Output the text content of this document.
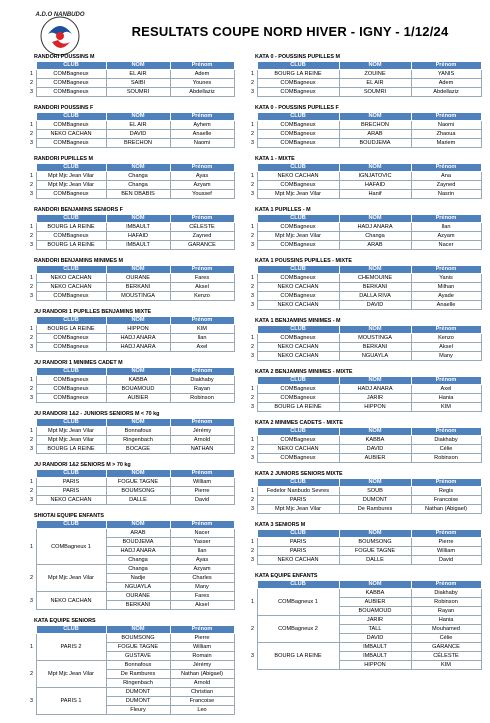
A.D.O NANBUDO
RESULTATS COUPE NORD HIVER - IGNY - 1/12/24
RANDORI POUSSINS M
	CLUB	NOM	Prénom
1	COMBagneux	EL AIR	Adem
2	COMBagneux	SAIBI	Younes
3	COMBagneux	SOUMRI	Abdellaziz
RANDORI POUSSINS F
	CLUB	NOM	Prénom
1	COMBagneux	EL AIR	Ayhem
2	NEKO CACHAN	DAVID	Anaelle
3	COMBagneux	BRECHON	Naomi
RANDORI PUPILLES M
	CLUB	NOM	Prénom
1	Mpt Mjc Jean Vilar	Changa	Ayas
2	Mpt Mjc Jean Vilar	Changa	Azyam
3	COMBagneux	BEN DBABIS	Youssef
RANDORI BENJAMINS SENIORS F
	CLUB	NOM	Prénom
1	BOURG LA REINE	IMBAULT	CÉLESTE
2	COMBagneux	HAFAID	Zayned
3	BOURG LA REINE	IMBAULT	GARANCE
RANDORI BENJAMINS MINIMES M
	CLUB	NOM	Prénom
1	NEKO CACHAN	OURANE	Fares
2	NEKO CACHAN	BERKANI	Aksel
3	COMBagneux	MOUSTINGA	Kenzo
JU RANDORI 1 PUPILLES BENJAMINS MIXTE
	CLUB	NOM	Prénom
1	BOURG LA REINE	HIPPON	KIM
2	COMBagneux	HADJ ANARA	Ilan
3	COMBagneux	HADJ ANARA	Axel
JU RANDORI 1 MINIMES CADET M
	CLUB	NOM	Prénom
1	COMBagneux	KABBA	Diakhaby
2	COMBagneux	BOUAMOUD	Rayan
3	COMBagneux	AUBIER	Robinson
JU RANDORI 1&2 - JUNIORS SENIORS M < 70 kg
	CLUB	NOM	Prénom
1	Mpt Mjc Jean Vilar	Bonnafoux	Jérémy
2	Mpt Mjc Jean Vilar	Ringenbach	Arnold
3	BOURG LA REINE	BOCAGE	NATHAN
JU RANDORI 1&2 SENIORS M > 70 kg
	CLUB	NOM	Prénom
1	PARIS	FOGUE TAGNE	William
2	PARIS	BOUMSONG	Pierre
3	NEKO CACHAN	DALLE	David
SHIOTAI EQUIPE ENFANTS
	CLUB	NOM	Prénom
1	COMBagneux 1	ARAB	Nacer
		BOUDJEMA	Yasser
		HADJ ANARA	Ilan
		Changa	Ayas
2	Mpt Mjc Jean Vilar	Changa	Azyam
		Nadje	Charles
		NGUAYLA	Many
3	NEKO CACHAN	OURANE	Fares
		BERKANI	Aksel
KATA EQUIPE SENIORS
	CLUB	NOM	Prénom
1	PARIS 2	BOUMSONG	Pierre
		FOGUE TAGNE	William
		GUSTAVE	Romain
2	Mpt Mjc Jean Vilar	Bonnafoux	Jérémy
		De Rambures	Nathan (Abigael)
		Ringenbach	Arnold
3	PARIS 1	DUMONT	Christian
		DUMONT	Francoise
		Fleury	Leo
KATA 0 - POUSSINS PUPILLES M
	CLUB	NOM	Prénom
1	BOURG LA REINE	ZOUINE	YANIS
2	COMBagneux	EL AIR	Adem
3	COMBagneux	SOUMRI	Abdellaziz
KATA 0 - POUSSINS PUPILLES F
	CLUB	NOM	Prénom
1	COMBagneux	BRECHON	Naomi
2	COMBagneux	ARAB	Zhaoua
3	COMBagneux	BOUDJEMA	Mariem
KATA 1 - MIXTE
	CLUB	NOM	Prénom
1	NEKO CACHAN	IGNJATOVIC	Ana
2	COMBagneux	HAFAID	Zayned
3	Mpt Mjc Jean Vilar	Hanif	Nasrin
KATA 1 PUPILLES - M
	CLUB	NOM	Prénom
1	COMBagneux	HADJ ANARA	Ilan
2	Mpt Mjc Jean Vilar	Changa	Azyam
3	COMBagneux	ARAB	Nacer
KATA 1 POUSSINS PUPILLES - MIXTE
	CLUB	NOM	Prénom
1	COMBagneux	CHEMOUINE	Yanis
2	NEKO CACHAN	BERKANI	Milhan
3	COMBagneux	DALLA RIVA	Ayade
3	NEKO CACHAN	DAVID	Anaelle
KATA 1 BENJAMINS MINIMES - M
	CLUB	NOM	Prénom
1	COMBagneux	MOUSTINGA	Kenzo
2	NEKO CACHAN	BERKANI	Aksel
3	NEKO CACHAN	NGUAYLA	Many
KATA 2 BENJAMINS MINIMES - MIXTE
	CLUB	NOM	Prénom
1	COMBagneux	HADJ ANARA	Axel
2	COMBagneux	JARIR	Hania
3	BOURG LA REINE	HIPPON	KIM
KATA 2 MINIMES CADETS - MIXTE
	CLUB	NOM	Prénom
1	COMBagneux	KABBA	Diakhaby
2	NEKO CACHAN	DAVID	Célie
3	COMBagneux	AUBIER	Robinson
KATA 2 JUNIORS SENIORS MIXTE
	CLUB	NOM	Prénom
1	Fedelor Nanbudo Sevres	SOUB	Regis
2	PARIS	DUMONT	Francoise
3	Mpt Mjc Jean Vilar	De Rambures	Nathan (Abigael)
KATA 3 SENIORS M
	CLUB	NOM	Prénom
1	PARIS	BOUMSONG	Pierre
2	PARIS	FOGUE TAGNE	William
3	NEKO CACHAN	DALLE	David
KATA EQUIPE ENFANTS
	CLUB	NOM	Prénom
1	COMBagneux 1	KABBA	Diakhaby
		AUBIER	Robinson
		BOUAMOUD	Rayan
2	COMBagneux 2	JARIR	Hania
		TALL	Mouhamed
		DAVID	Célie
3	BOURG LA REINE	IMBAULT	GARANCE
		IMBAULT	CÉLESTE
		HIPPON	KIM
